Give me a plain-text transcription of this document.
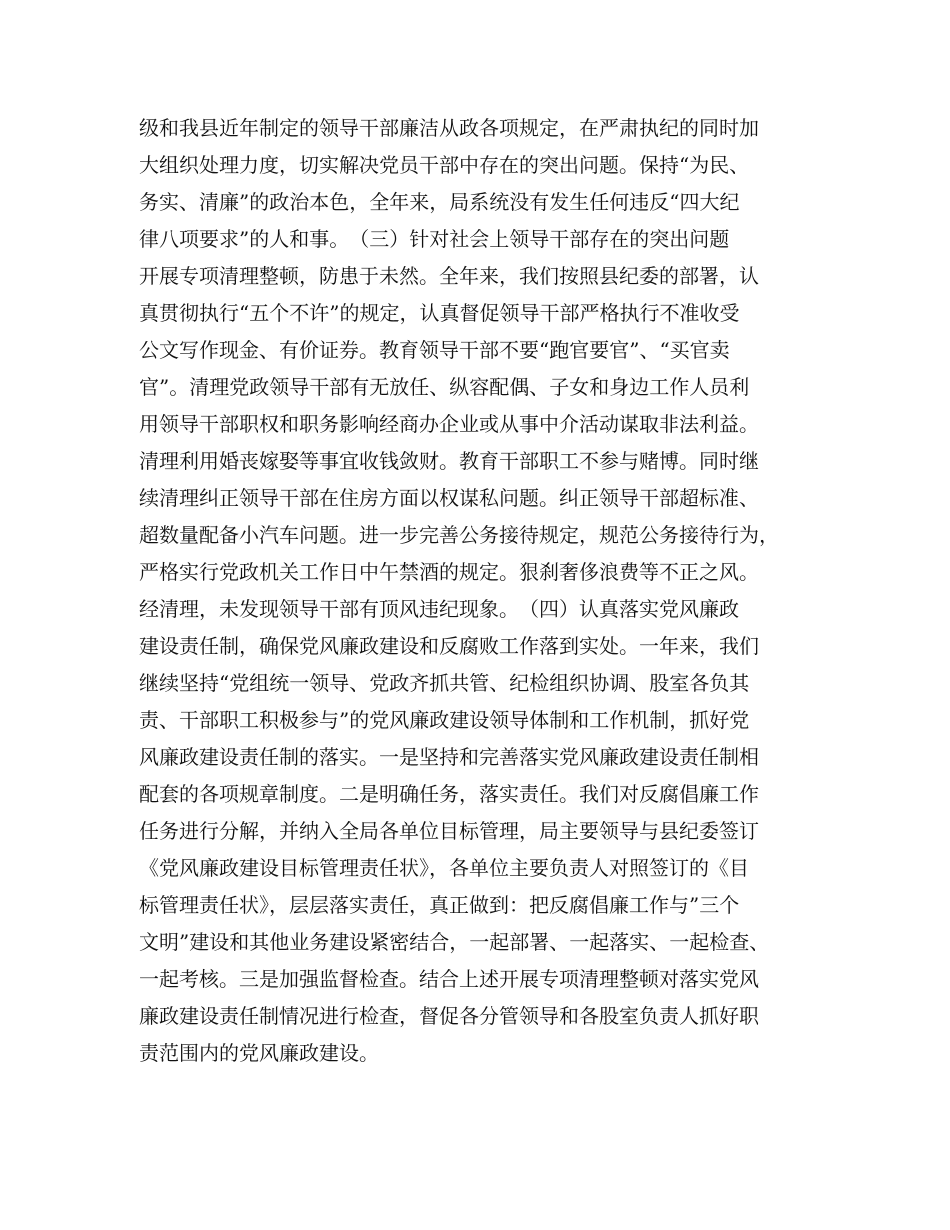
级和我县近年制定的领导干部廉洁从政各项规定，在严肃执纪的同时加
大组织处理力度，切实解决党员干部中存在的突出问题。保持“为民、
务实、清廉”的政治本色，全年来，局系统没有发生任何违反“四大纪
律八项要求”的人和事。　（三）针对社会上领导干部存在的突出问题
开展专项清理整顿，防患于未然。全年来，我们按照县纪委的部署，认
真贯彻执行“五个不许”的规定，认真督促领导干部严格执行不准收受
公文写作现金、有价证券。教育领导干部不要“跑官要官”、“买官卖
官”。清理党政领导干部有无放任、纵容配偶、子女和身边工作人员利
用领导干部职权和职务影响经商办企业或从事中介活动谋取非法利益。
清理利用婚丧嫁娶等事宜收钱敛财。教育干部职工不参与赌博。同时继
续清理纠正领导干部在住房方面以权谋私问题。纠正领导干部超标准、
超数量配备小汽车问题。进一步完善公务接待规定，规范公务接待行为，
严格实行党政机关工作日中午禁酒的规定。狠刹奢侈浪费等不正之风。
经清理，未发现领导干部有顶风违纪现象。　（四）认真落实党风廉政
建设责任制，确保党风廉政建设和反腐败工作落到实处。一年来，我们
继续坚持“党组统一领导、党政齐抓共管、纪检组织协调、股室各负其
责、干部职工积极参与”的党风廉政建设领导体制和工作机制，抓好党
风廉政建设责任制的落实。一是坚持和完善落实党风廉政建设责任制相
配套的各项规章制度。二是明确任务，落实责任。我们对反腐倡廉工作
任务进行分解，并纳入全局各单位目标管理，局主要领导与县纪委签订
《党风廉政建设目标管理责任状》，各单位主要负责人对照签订的《目
标管理责任状》，层层落实责任，真正做到：把反腐倡廉工作与”三个
文明”建设和其他业务建设紧密结合，一起部署、一起落实、一起检查、
一起考核。三是加强监督检查。结合上述开展专项清理整顿对落实党风
廉政建设责任制情况进行检查，督促各分管领导和各股室负责人抓好职
责范围内的党风廉政建设。
